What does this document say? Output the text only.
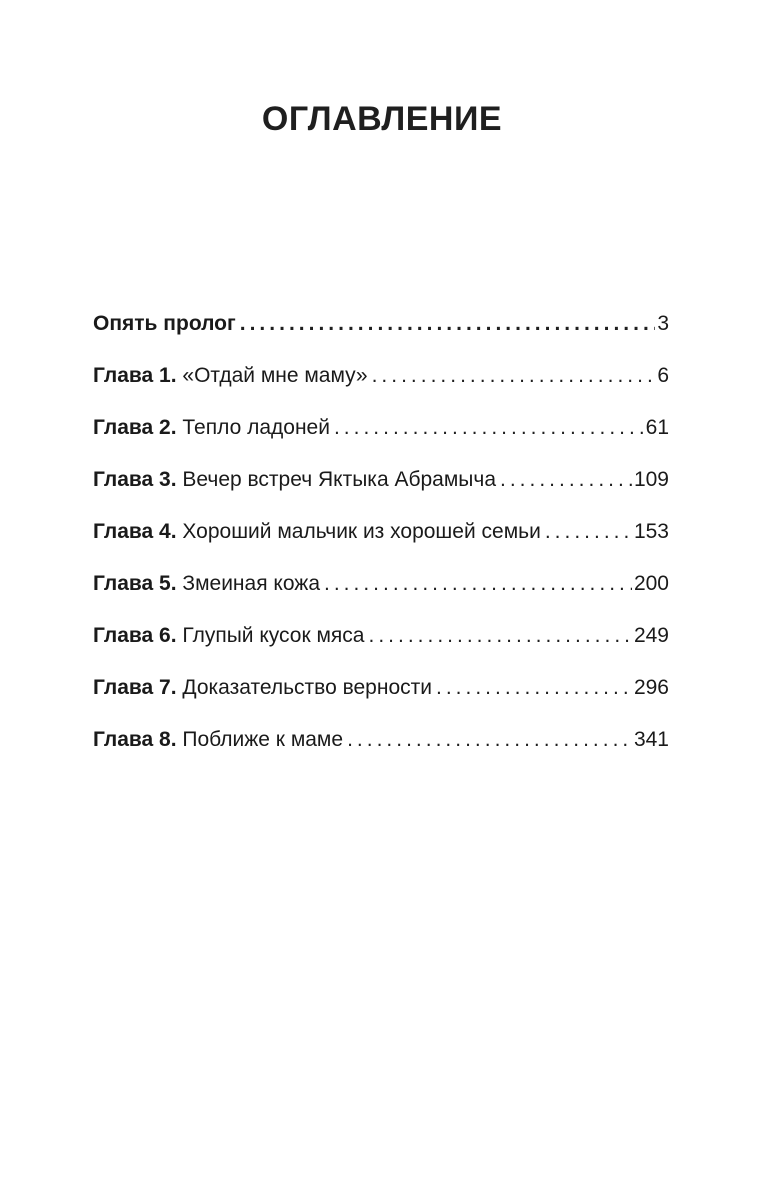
ОГЛАВЛЕНИЕ
Опять пролог .....	3
Глава 1. «Отдай мне маму» .....	6
Глава 2. Тепло ладоней .....	61
Глава 3. Вечер встреч Яктыка Абрамыча .....	109
Глава 4. Хороший мальчик из хорошей семьи .....	153
Глава 5. Змеиная кожа .....	200
Глава 6. Глупый кусок мяса .....	249
Глава 7. Доказательство верности .....	296
Глава 8. Поближе к маме .....	341
